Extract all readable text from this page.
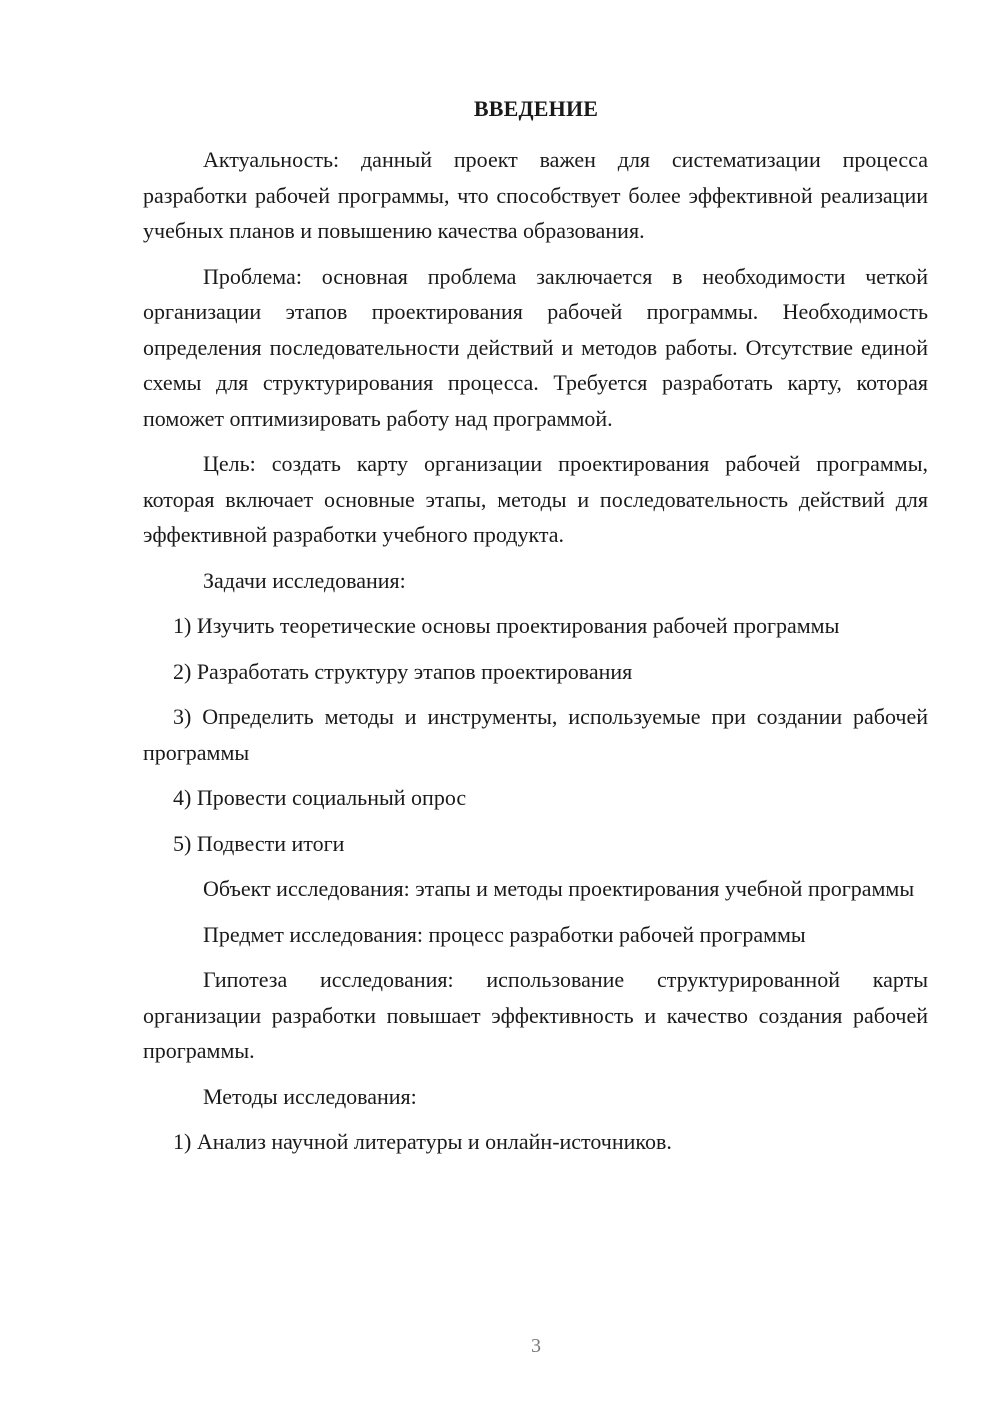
ВВЕДЕНИЕ

Актуальность: данный проект важен для систематизации процесса разработки рабочей программы, что способствует более эффективной реализации учебных планов и повышению качества образования.

Проблема: основная проблема заключается в необходимости четкой организации этапов проектирования рабочей программы. Необходимость определения последовательности действий и методов работы. Отсутствие единой схемы для структурирования процесса. Требуется разработать карту, которая поможет оптимизировать работу над программой.

Цель: создать карту организации проектирования рабочей программы, которая включает основные этапы, методы и последовательность действий для эффективной разработки учебного продукта.

Задачи исследования:

1) Изучить теоретические основы проектирования рабочей программы

2) Разработать структуру этапов проектирования

3) Определить методы и инструменты, используемые при создании рабочей программы

4) Провести социальный опрос

5) Подвести итоги

Объект исследования: этапы и методы проектирования учебной программы

Предмет исследования: процесс разработки рабочей программы

Гипотеза исследования: использование структурированной карты организации разработки повышает эффективность и качество создания рабочей программы.

Методы исследования:

1) Анализ научной литературы и онлайн-источников.

3
